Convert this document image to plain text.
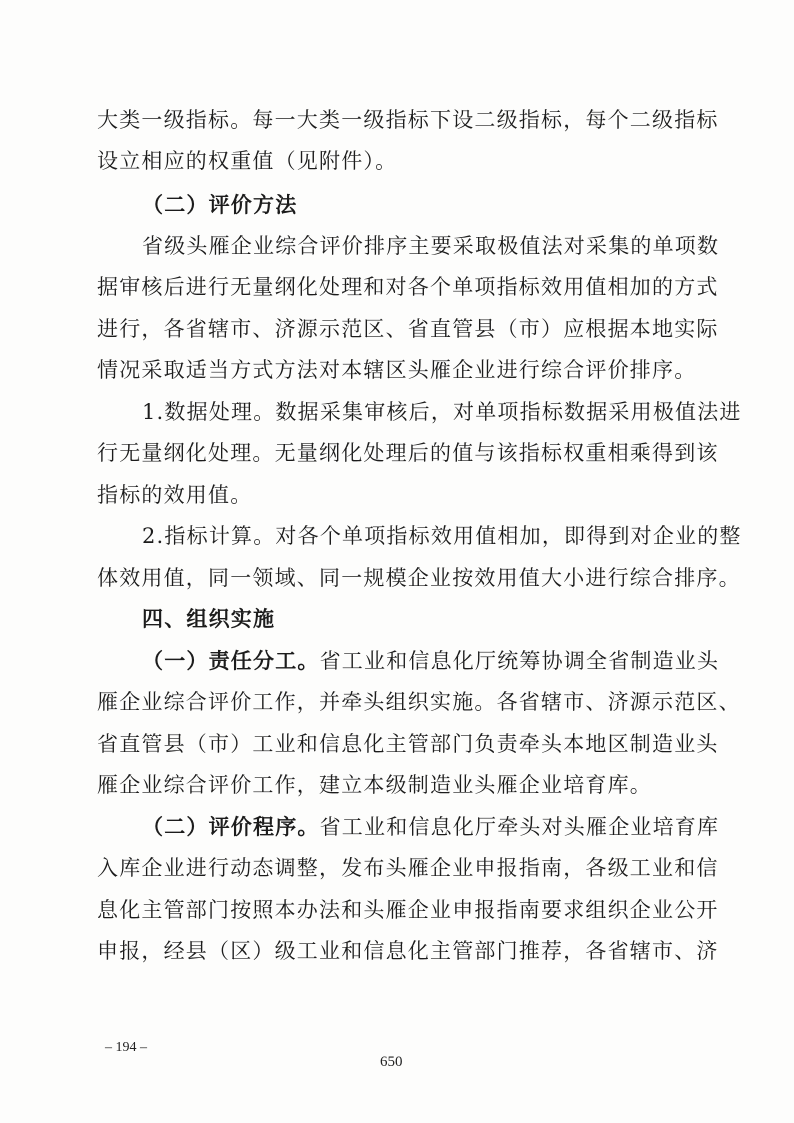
大类一级指标。每一大类一级指标下设二级指标，每个二级指标
设立相应的权重值（见附件）。
（二）评价方法
省级头雁企业综合评价排序主要采取极值法对采集的单项数
据审核后进行无量纲化处理和对各个单项指标效用值相加的方式
进行，各省辖市、济源示范区、省直管县（市）应根据本地实际
情况采取适当方式方法对本辖区头雁企业进行综合评价排序。
1.数据处理。数据采集审核后，对单项指标数据采用极值法进
行无量纲化处理。无量纲化处理后的值与该指标权重相乘得到该
指标的效用值。
2.指标计算。对各个单项指标效用值相加，即得到对企业的整
体效用值，同一领域、同一规模企业按效用值大小进行综合排序。
四、组织实施
（一）责任分工。省工业和信息化厅统筹协调全省制造业头
雁企业综合评价工作，并牵头组织实施。各省辖市、济源示范区、
省直管县（市）工业和信息化主管部门负责牵头本地区制造业头
雁企业综合评价工作，建立本级制造业头雁企业培育库。
（二）评价程序。省工业和信息化厅牵头对头雁企业培育库
入库企业进行动态调整，发布头雁企业申报指南，各级工业和信
息化主管部门按照本办法和头雁企业申报指南要求组织企业公开
申报，经县（区）级工业和信息化主管部门推荐，各省辖市、济
– 194 –
650
